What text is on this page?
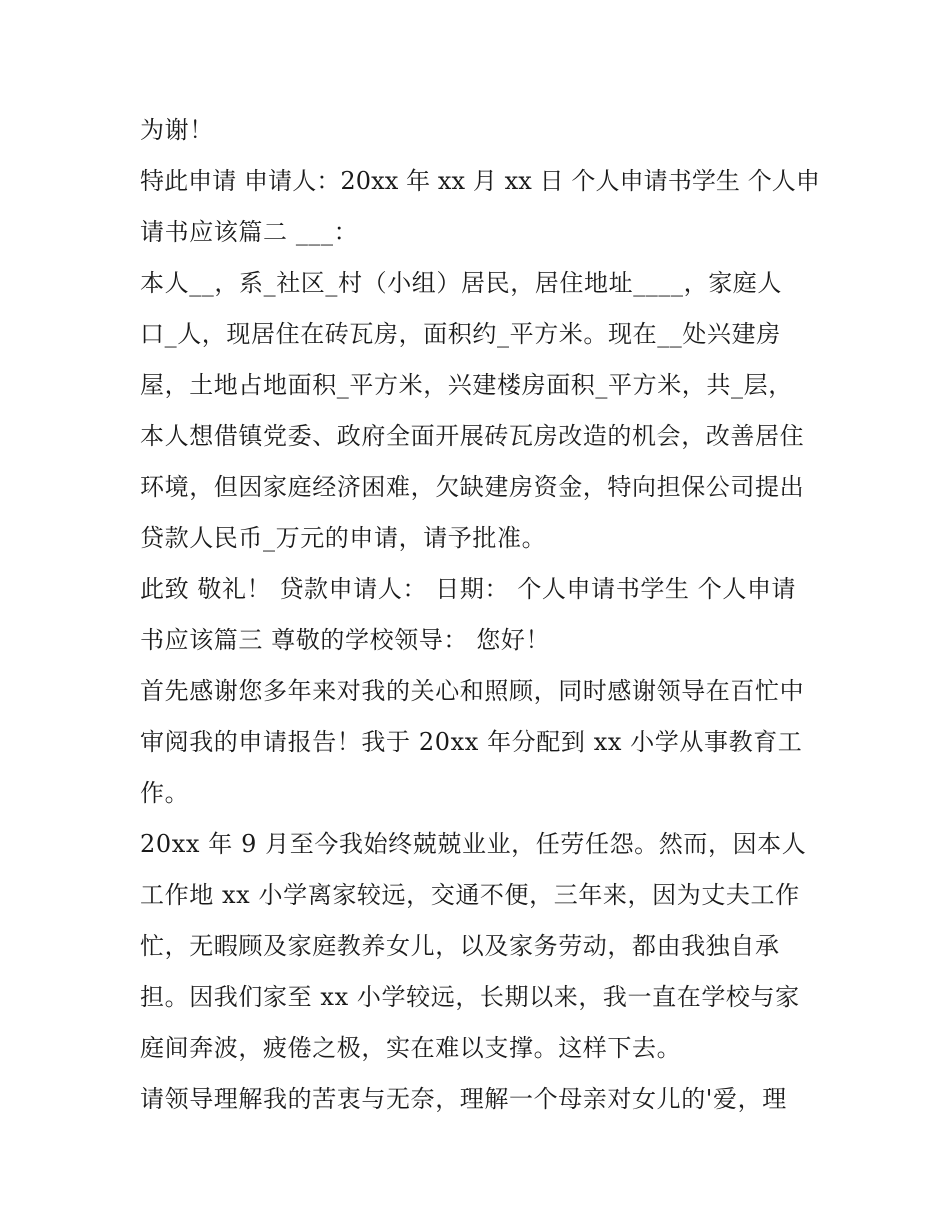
为谢！
特此申请 申请人：20xx 年 xx 月 xx 日 个人申请书学生 个人申
请书应该篇二 ___：
本人__，系_社区_村（小组）居民，居住地址____，家庭人
口_人，现居住在砖瓦房，面积约_平方米。现在__处兴建房
屋，土地占地面积_平方米，兴建楼房面积_平方米，共_层，
本人想借镇党委、政府全面开展砖瓦房改造的机会，改善居住
环境，但因家庭经济困难，欠缺建房资金，特向担保公司提出
贷款人民币_万元的申请，请予批准。
此致 敬礼！ 贷款申请人： 日期： 个人申请书学生 个人申请
书应该篇三 尊敬的学校领导： 您好！
首先感谢您多年来对我的关心和照顾，同时感谢领导在百忙中
审阅我的申请报告！我于 20xx 年分配到 xx 小学从事教育工
作。
20xx 年 9 月至今我始终兢兢业业，任劳任怨。然而，因本人
工作地 xx 小学离家较远，交通不便，三年来，因为丈夫工作
忙，无暇顾及家庭教养女儿，以及家务劳动，都由我独自承
担。因我们家至 xx 小学较远，长期以来，我一直在学校与家
庭间奔波，疲倦之极，实在难以支撑。这样下去。
请领导理解我的苦衷与无奈，理解一个母亲对女儿的'爱，理
